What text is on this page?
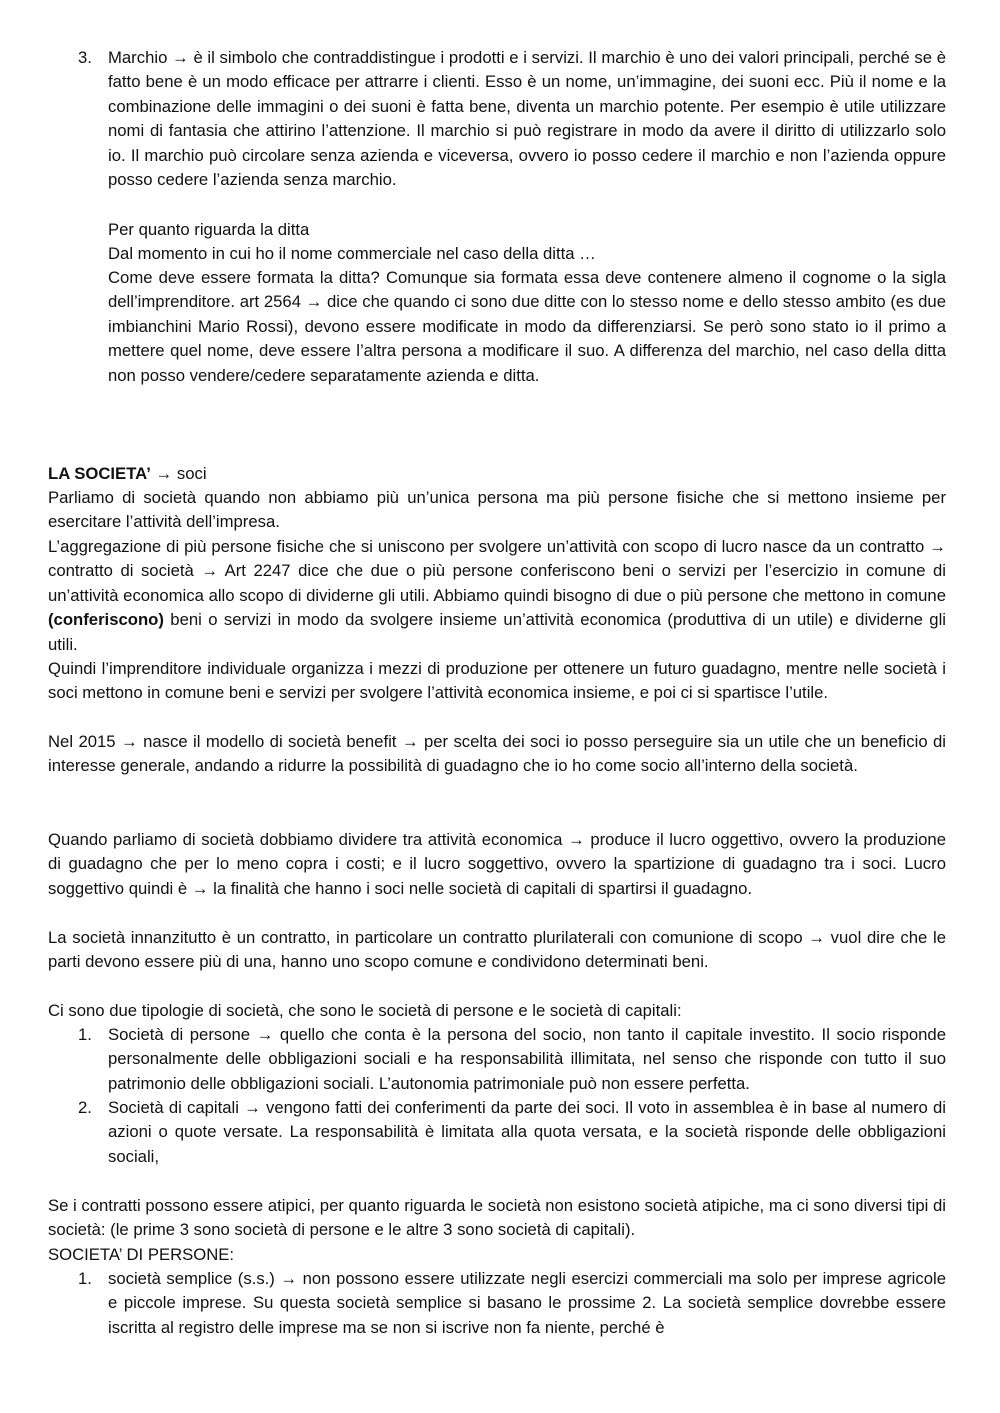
3. Marchio → è il simbolo che contraddistingue i prodotti e i servizi. Il marchio è uno dei valori principali, perché se è fatto bene è un modo efficace per attrarre i clienti. Esso è un nome, un’immagine, dei suoni ecc. Più il nome e la combinazione delle immagini o dei suoni è fatta bene, diventa un marchio potente. Per esempio è utile utilizzare nomi di fantasia che attirino l’attenzione. Il marchio si può registrare in modo da avere il diritto di utilizzarlo solo io. Il marchio può circolare senza azienda e viceversa, ovvero io posso cedere il marchio e non l’azienda oppure posso cedere l’azienda senza marchio.

Per quanto riguarda la ditta

Dal momento in cui ho il nome commerciale nel caso della ditta …

Come deve essere formata la ditta? Comunque sia formata essa deve contenere almeno il cognome o la sigla dell’imprenditore. art 2564 → dice che quando ci sono due ditte con lo stesso nome e dello stesso ambito (es due imbianchini Mario Rossi), devono essere modificate in modo da differenziarsi. Se però sono stato io il primo a mettere quel nome, deve essere l’altra persona a modificare il suo. A differenza del marchio, nel caso della ditta non posso vendere/cedere separatamente azienda e ditta.

LA SOCIETA’ → soci

Parliamo di società quando non abbiamo più un’unica persona ma più persone fisiche che si mettono insieme per esercitare l’attività dell’impresa.

L’aggregazione di più persone fisiche che si uniscono per svolgere un’attività con scopo di lucro nasce da un contratto → contratto di società → Art 2247 dice che due o più persone conferiscono beni o servizi per l’esercizio in comune di un’attività economica allo scopo di dividerne gli utili. Abbiamo quindi bisogno di due o più persone che mettono in comune (conferiscono) beni o servizi in modo da svolgere insieme un’attività economica (produttiva di un utile) e dividerne gli utili.

Quindi l’imprenditore individuale organizza i mezzi di produzione per ottenere un futuro guadagno, mentre nelle società i soci mettono in comune beni e servizi per svolgere l’attività economica insieme, e poi ci si spartisce l’utile.

Nel 2015 → nasce il modello di società benefit → per scelta dei soci io posso perseguire sia un utile che un beneficio di interesse generale, andando a ridurre la possibilità di guadagno che io ho come socio all’interno della società.

Quando parliamo di società dobbiamo dividere tra attività economica → produce il lucro oggettivo, ovvero la produzione di guadagno che per lo meno copra i costi; e il lucro soggettivo, ovvero la spartizione di guadagno tra i soci. Lucro soggettivo quindi è → la finalità che hanno i soci nelle società di capitali di spartirsi il guadagno.

La società innanzitutto è un contratto, in particolare un contratto plurilaterali con comunione di scopo → vuol dire che le parti devono essere più di una, hanno uno scopo comune e condividono determinati beni.

Ci sono due tipologie di società, che sono le società di persone e le società di capitali:

1. Società di persone → quello che conta è la persona del socio, non tanto il capitale investito. Il socio risponde personalmente delle obbligazioni sociali e ha responsabilità illimitata, nel senso che risponde con tutto il suo patrimonio delle obbligazioni sociali. L’autonomia patrimoniale può non essere perfetta.

2. Società di capitali → vengono fatti dei conferimenti da parte dei soci. Il voto in assemblea è in base al numero di azioni o quote versate. La responsabilità è limitata alla quota versata, e la società risponde delle obbligazioni sociali,

Se i contratti possono essere atipici, per quanto riguarda le società non esistono società atipiche, ma ci sono diversi tipi di società: (le prime 3 sono società di persone e le altre 3 sono società di capitali).

SOCIETA’ DI PERSONE:

1. società semplice (s.s.) → non possono essere utilizzate negli esercizi commerciali ma solo per imprese agricole e piccole imprese. Su questa società semplice si basano le prossime 2. La società semplice dovrebbe essere iscritta al registro delle imprese ma se non si iscrive non fa niente, perché è
